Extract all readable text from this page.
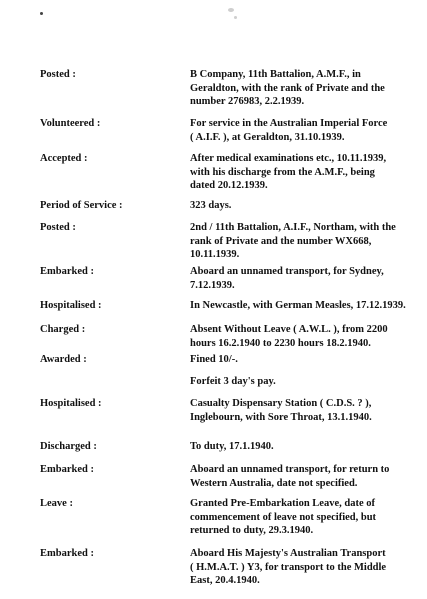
Posted :	B Company, 11th Battalion, A.M.F., in
Geraldton, with the rank of Private and the
number 276983, 2.2.1939.
Volunteered :	For service in the Australian Imperial Force
( A.I.F. ), at Geraldton, 31.10.1939.
Accepted :	After medical examinations etc., 10.11.1939,
with his discharge from the A.M.F., being
dated 20.12.1939.
Period of Service :	323 days.
Posted :	2nd / 11th Battalion, A.I.F., Northam, with the
rank of Private and the number WX668,
10.11.1939.
Embarked :	Aboard an unnamed transport, for Sydney,
7.12.1939.
Hospitalised :	In Newcastle, with German Measles, 17.12.1939.
Charged :	Absent Without Leave ( A.W.L. ), from 2200
hours 16.2.1940 to 2230 hours 18.2.1940.
Awarded :	Fined 10/-.
Forfeit 3 day's pay.
Hospitalised :	Casualty Dispensary Station ( C.D.S. ? ),
Inglebourn, with Sore Throat, 13.1.1940.
Discharged :	To duty, 17.1.1940.
Embarked :	Aboard an unnamed transport, for return to
Western Australia, date not specified.
Leave :	Granted Pre-Embarkation Leave, date of
commencement of leave not specified, but
returned to duty, 29.3.1940.
Embarked :	Aboard His Majesty's Australian Transport
( H.M.A.T. ) Y3, for transport to the Middle
East, 20.4.1940.
